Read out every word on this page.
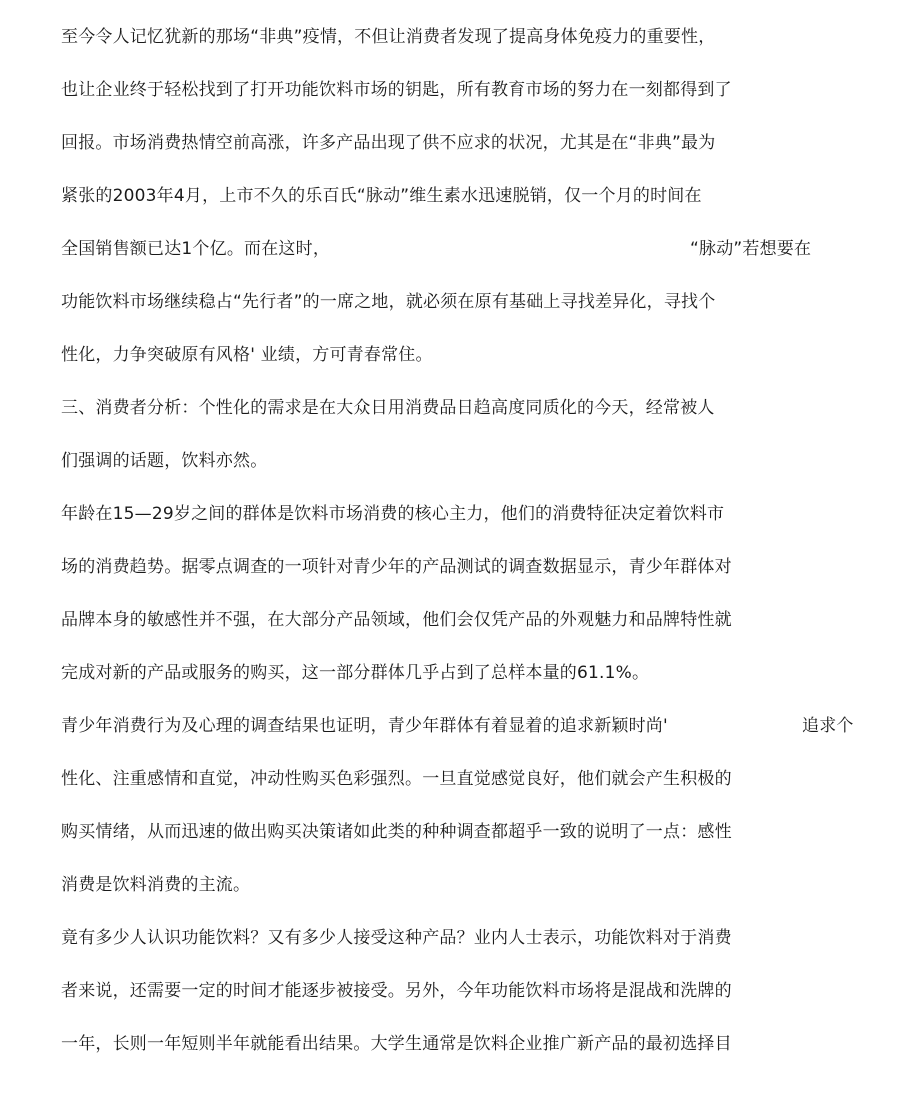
至今令人记忆犹新的那场“非典”疫情，不但让消费者发现了提高身体免疫力的重要性，
也让企业终于轻松找到了打开功能饮料市场的钥匙，所有教育市场的努力在一刻都得到了
回报。市场消费热情空前高涨，许多产品出现了供不应求的状况，尤其是在“非典”最为
紧张的2003年4月，上市不久的乐百氏“脉动”维生素水迅速脱销，仅一个月的时间在
全国销售额已达1个亿。而在这时，	“脉动”若想要在
功能饮料市场继续稳占“先行者”的一席之地，就必须在原有基础上寻找差异化，寻找个
性化，力争突破原有风格' 业绩，方可青春常住。
三、消费者分析：个性化的需求是在大众日用消费品日趋高度同质化的今天，经常被人
们强调的话题，饮料亦然。
年龄在15—29岁之间的群体是饮料市场消费的核心主力，他们的消费特征决定着饮料市
场的消费趋势。据零点调查的一项针对青少年的产品测试的调查数据显示，青少年群体对
品牌本身的敏感性并不强，在大部分产品领域，他们会仅凭产品的外观魅力和品牌特性就
完成对新的产品或服务的购买，这一部分群体几乎占到了总样本量的61.1%。
青少年消费行为及心理的调查结果也证明，青少年群体有着显着的追求新颖时尚'	追求个
性化、注重感情和直觉，冲动性购买色彩强烈。一旦直觉感觉良好，他们就会产生积极的
购买情绪，从而迅速的做出购买决策诸如此类的种种调查都超乎一致的说明了一点：感性
消费是饮料消费的主流。
竟有多少人认识功能饮料？又有多少人接受这种产品？业内人士表示，功能饮料对于消费
者来说，还需要一定的时间才能逐步被接受。另外，今年功能饮料市场将是混战和洗牌的
一年，长则一年短则半年就能看出结果。大学生通常是饮料企业推广新产品的最初选择目
